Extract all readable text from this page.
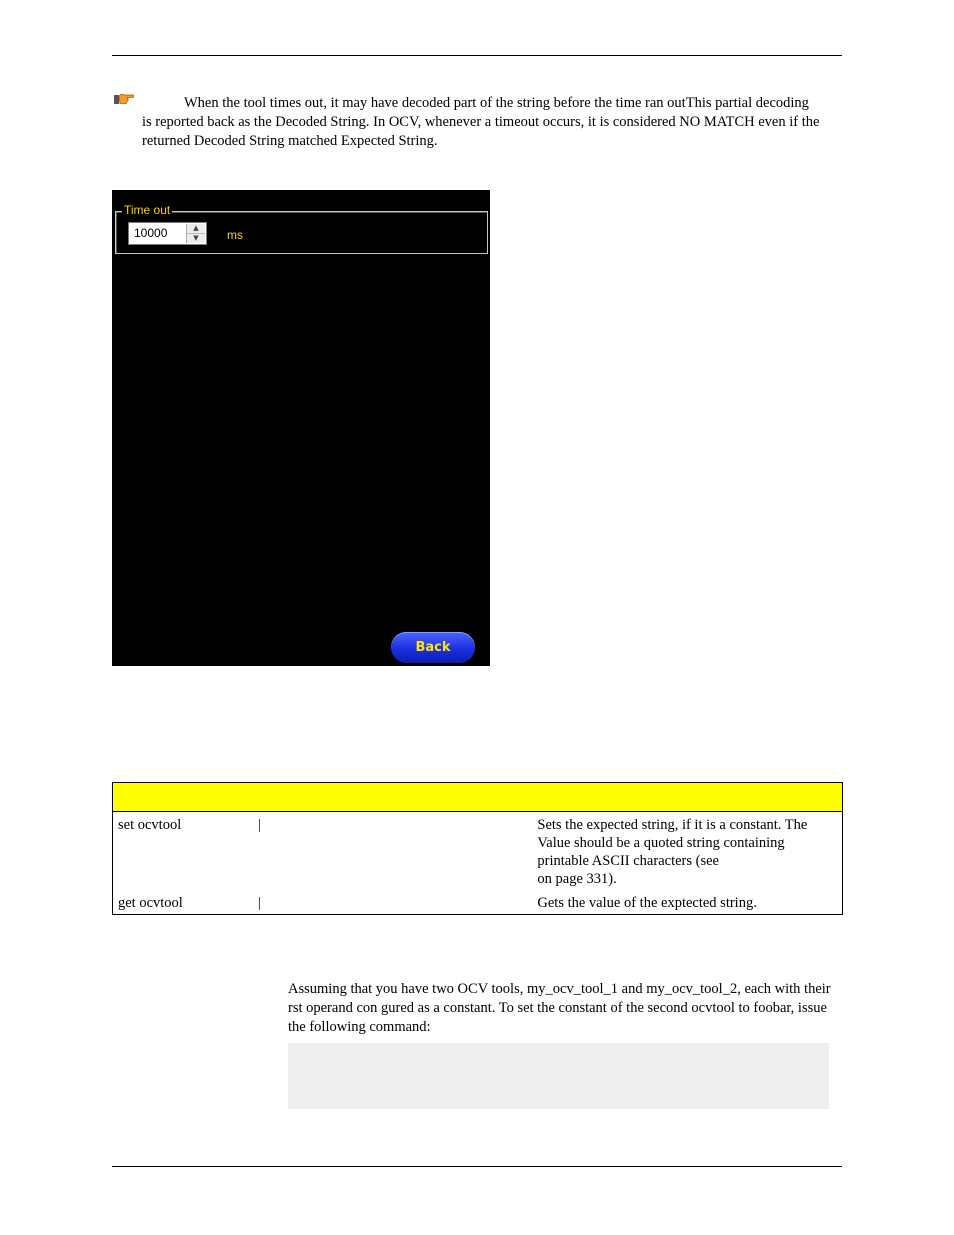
When the tool times out, it may have decoded part of the string before the time ran outThis partial decoding
is reported back as the Decoded String. In OCV, whenever a timeout occurs, it is considered NO MATCH even if the returned Decoded String matched Expected String.
Time out
10000	▲
▼	ms
Back

set ocvtool	|	Sets the expected string, if it is a constant. The Value should be a quoted string containing printable ASCII characters (see
on page 331).
get ocvtool	|	Gets the value of the exptected string.
Assuming that you have two OCV tools, my_ocv_tool_1 and my_ocv_tool_2, each with their rst operand con gured as a constant. To set the constant of the second ocvtool to foobar, issue the following command:
